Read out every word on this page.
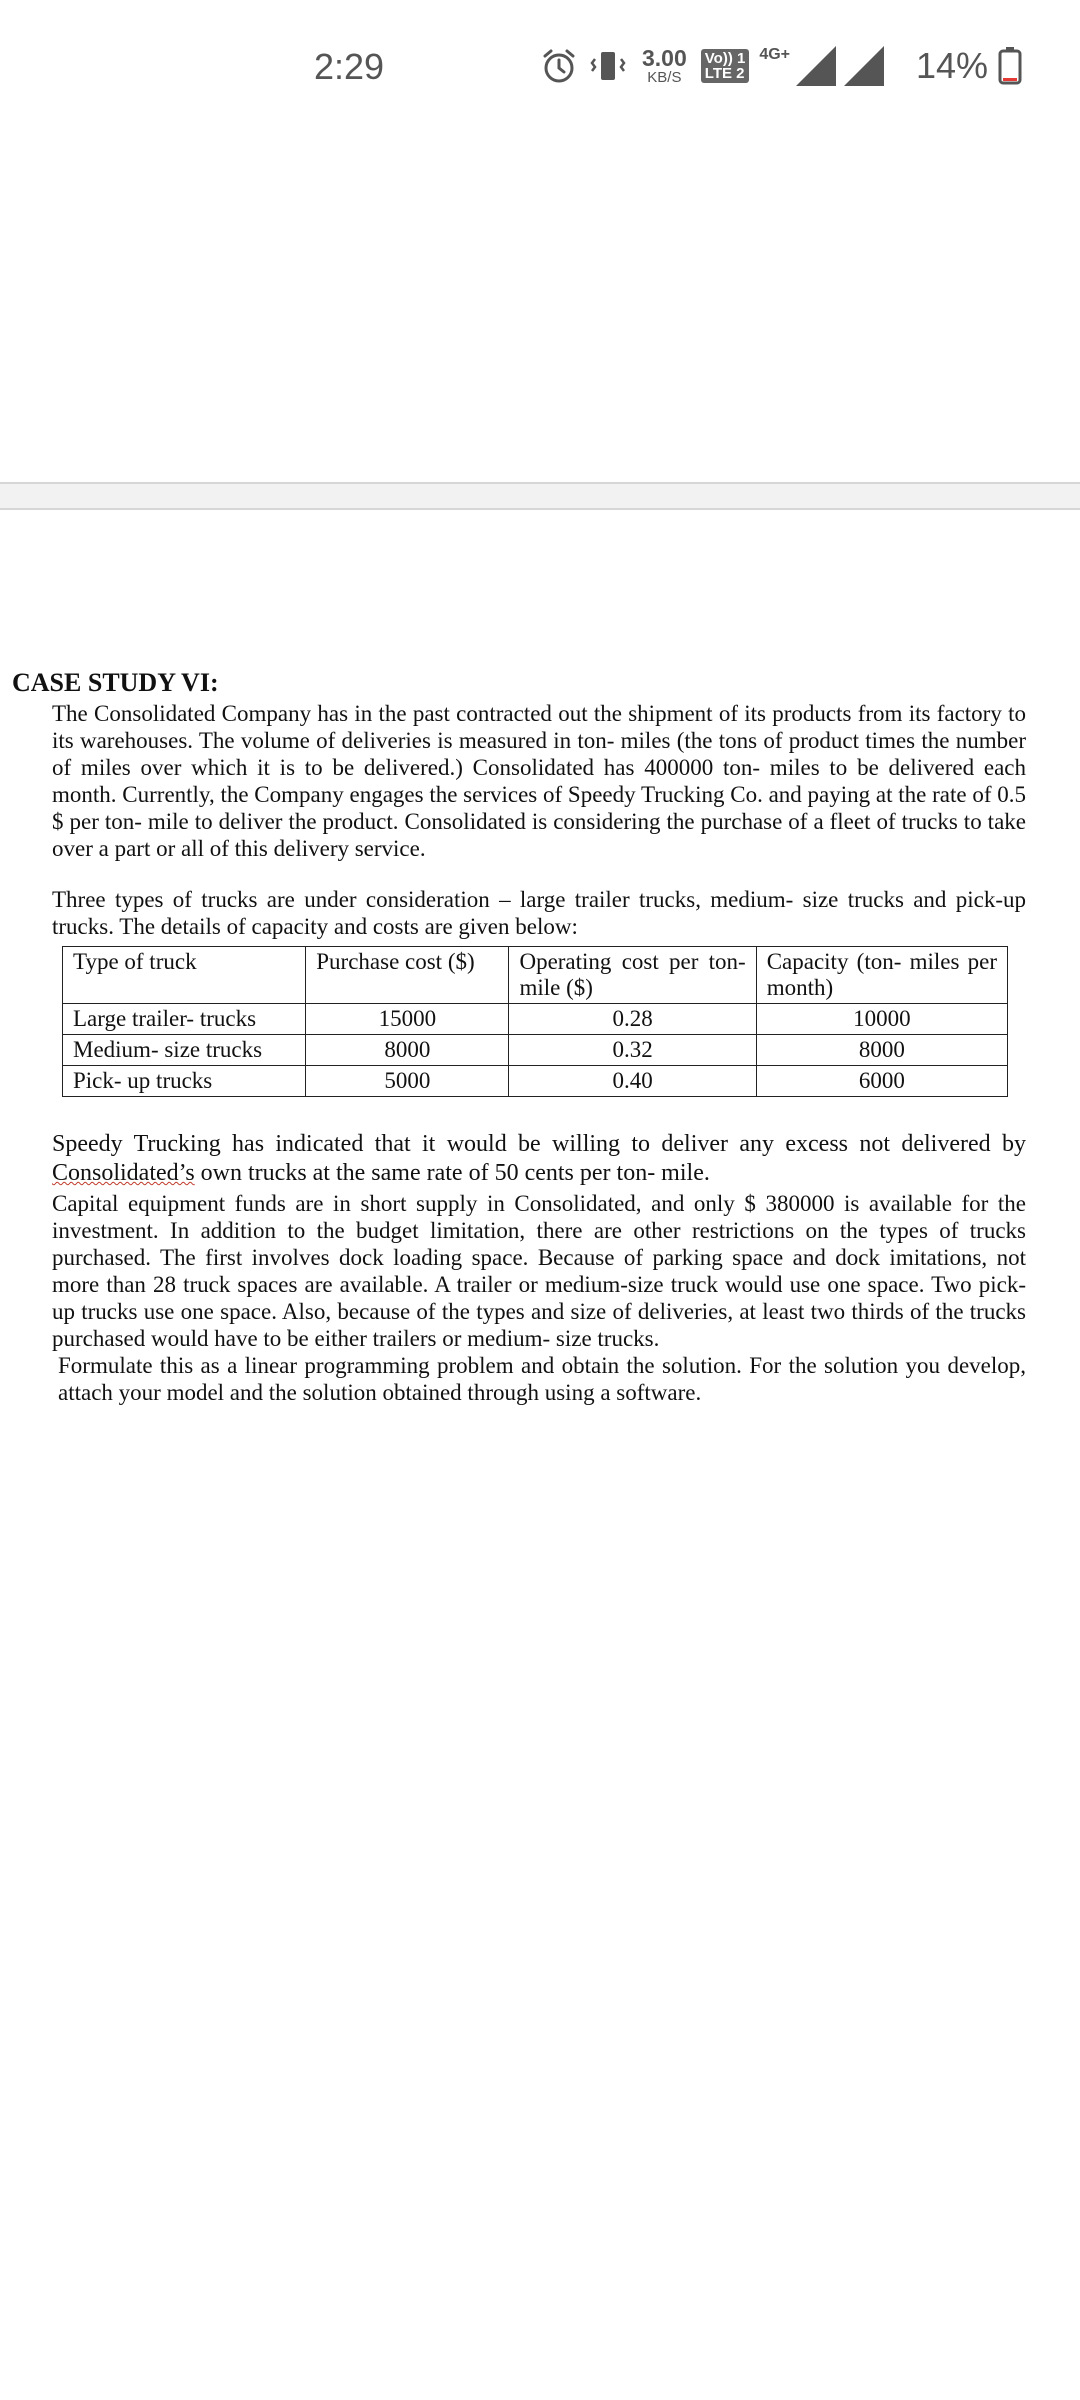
2:29	3.00
KB/S
Vo)) 1
LTE 2
4G+	14%
CASE STUDY VI:

The Consolidated Company has in the past contracted out the shipment of its products from its factory to its warehouses. The volume of deliveries is measured in ton- miles (the tons of product times the number of miles over which it is to be delivered.) Consolidated has 400000 ton- miles to be delivered each month. Currently, the Company engages the services of Speedy Trucking Co. and paying at the rate of 0.5 $ per ton- mile to deliver the product. Consolidated is considering the purchase of a fleet of trucks to take over a part or all of this delivery service.

Three types of trucks are under consideration – large trailer trucks, medium- size trucks and pick-up trucks. The details of capacity and costs are given below:

Type of truck	Purchase cost ($)	Operating cost per ton- mile ($)	Capacity (ton- miles per month)
Large trailer- trucks	15000	0.28	10000
Medium- size trucks	8000	0.32	8000
Pick- up trucks	5000	0.40	6000

Speedy Trucking has indicated that it would be willing to deliver any excess not delivered by Consolidated’s own trucks at the same rate of 50 cents per ton- mile.

Capital equipment funds are in short supply in Consolidated, and only $ 380000 is available for the investment. In addition to the budget limitation, there are other restrictions on the types of trucks purchased. The first involves dock loading space. Because of parking space and dock imitations, not more than 28 truck spaces are available. A trailer or medium-size truck would use one space. Two pick-up trucks use one space. Also, because of the types and size of deliveries, at least two thirds of the trucks purchased would have to be either trailers or medium- size trucks.

Formulate this as a linear programming problem and obtain the solution. For the solution you develop, attach your model and the solution obtained through using a software.
